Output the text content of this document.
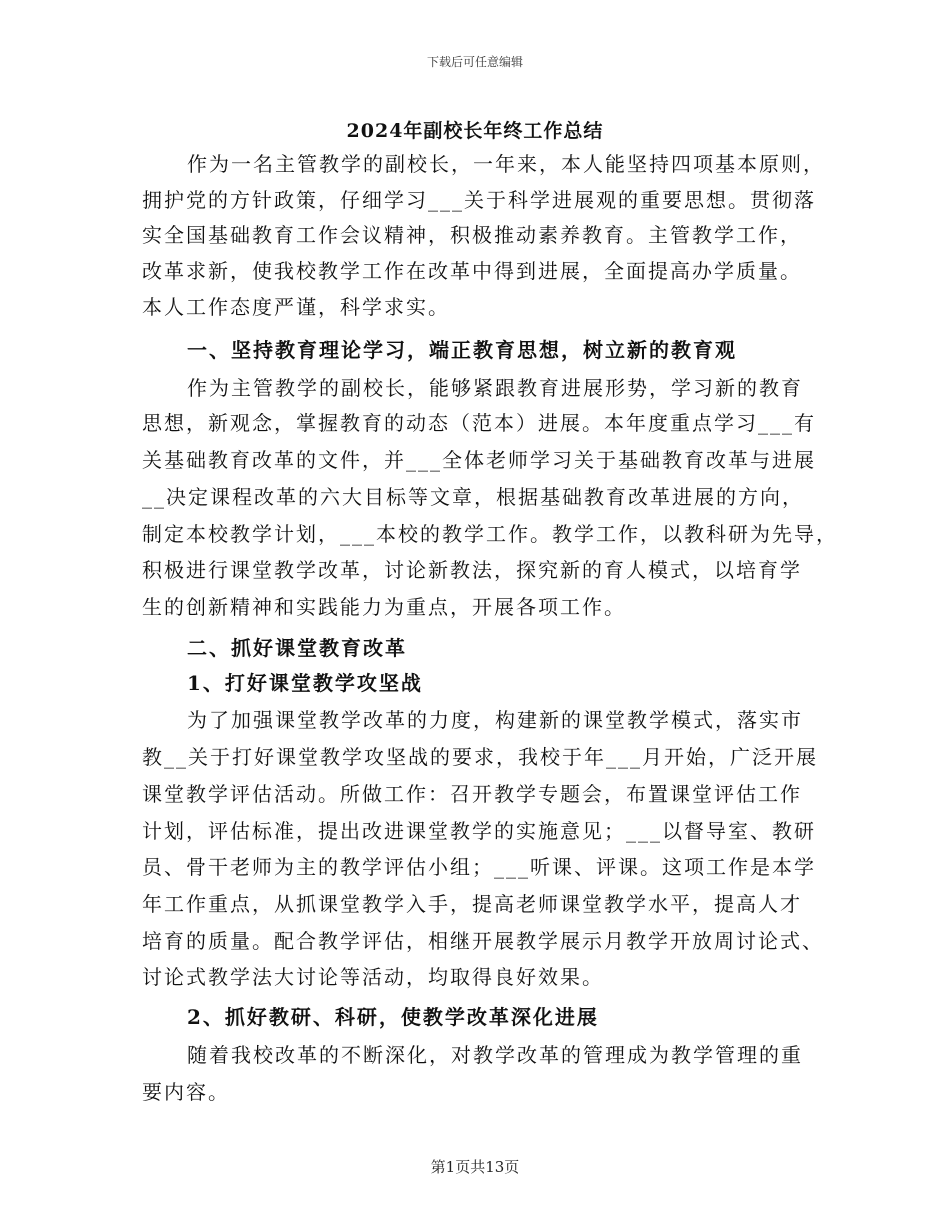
下载后可任意编辑
2024年副校长年终工作总结
作为一名主管教学的副校长，一年来，本人能坚持四项基本原则，
拥护党的方针政策，仔细学习___关于科学进展观的重要思想。贯彻落
实全国基础教育工作会议精神，积极推动素养教育。主管教学工作，
改革求新，使我校教学工作在改革中得到进展，全面提高办学质量。
本人工作态度严谨，科学求实。
一、坚持教育理论学习，端正教育思想，树立新的教育观
作为主管教学的副校长，能够紧跟教育进展形势，学习新的教育
思想，新观念，掌握教育的动态（范本）进展。本年度重点学习___有
关基础教育改革的文件，并___全体老师学习关于基础教育改革与进展
__决定课程改革的六大目标等文章，根据基础教育改革进展的方向，
制定本校教学计划，___本校的教学工作。教学工作，以教科研为先导，
积极进行课堂教学改革，讨论新教法，探究新的育人模式，以培育学
生的创新精神和实践能力为重点，开展各项工作。
二、抓好课堂教育改革
1、打好课堂教学攻坚战
为了加强课堂教学改革的力度，构建新的课堂教学模式，落实市
教__关于打好课堂教学攻坚战的要求，我校于年___月开始，广泛开展
课堂教学评估活动。所做工作：召开教学专题会，布置课堂评估工作
计划，评估标准，提出改进课堂教学的实施意见；___以督导室、教研
员、骨干老师为主的教学评估小组；___听课、评课。这项工作是本学
年工作重点，从抓课堂教学入手，提高老师课堂教学水平，提高人才
培育的质量。配合教学评估，相继开展教学展示月教学开放周讨论式、
讨论式教学法大讨论等活动，均取得良好效果。
2、抓好教研、科研，使教学改革深化进展
随着我校改革的不断深化，对教学改革的管理成为教学管理的重
要内容。
第1页共13页
